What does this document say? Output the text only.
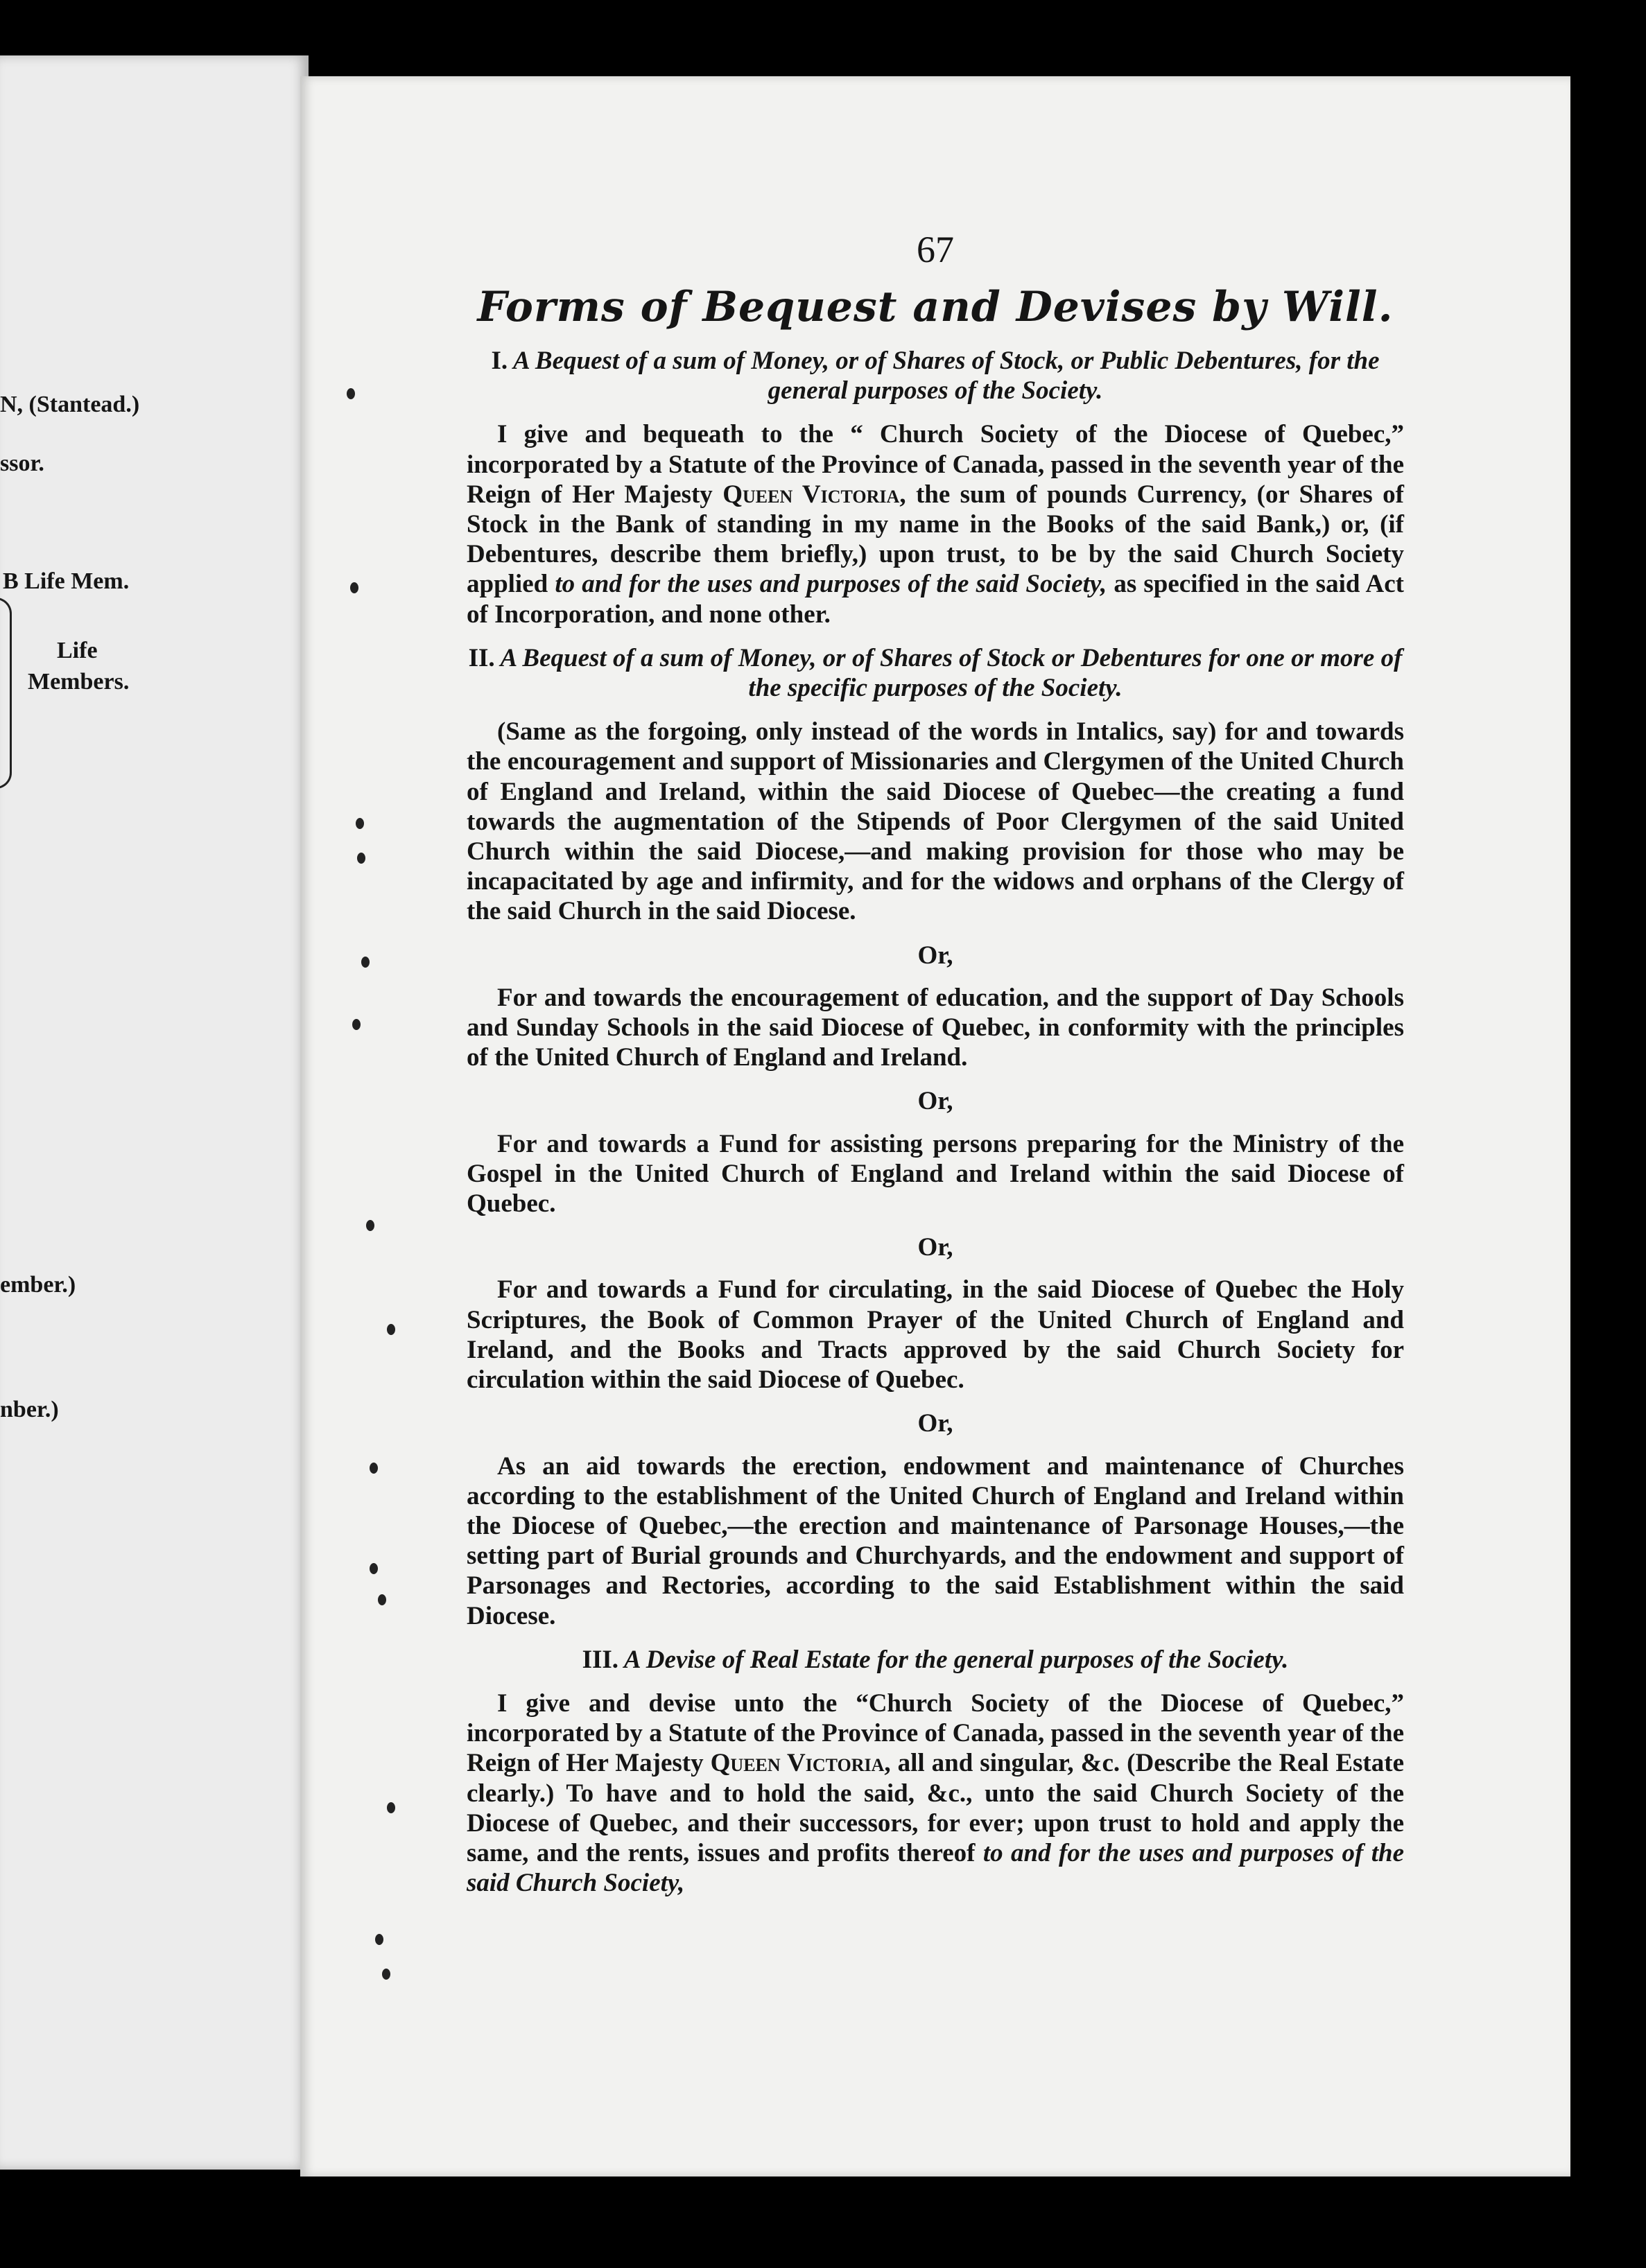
N, (Stantead.)
ssor.
B Life Mem.
Life
Members.
ember.)
nber.)
67
Forms of Bequest and Devises by Will.
I. A Bequest of a sum of Money, or of Shares of Stock, or Public Debentures, for the general purposes of the Society.

I give and bequeath to the “ Church Society of the Diocese of Quebec,” incorporated by a Statute of the Province of Canada, passed in the seventh year of the Reign of Her Majesty Queen Victoria, the sum of pounds Currency, (or Shares of Stock in the Bank of standing in my name in the Books of the said Bank,) or, (if Debentures, describe them briefly,) upon trust, to be by the said Church Society applied to and for the uses and purposes of the said Society, as specified in the said Act of Incorporation, and none other.

II. A Bequest of a sum of Money, or of Shares of Stock or Debentures for one or more of the specific purposes of the Society.

(Same as the forgoing, only instead of the words in Intalics, say) for and towards the encouragement and support of Missionaries and Clergymen of the United Church of England and Ireland, within the said Diocese of Quebec—the creating a fund towards the augmentation of the Stipends of Poor Clergymen of the said United Church within the said Diocese,—and making provision for those who may be incapacitated by age and infirmity, and for the widows and orphans of the Clergy of the said Church in the said Diocese.

Or,

For and towards the encouragement of education, and the support of Day Schools and Sunday Schools in the said Diocese of Quebec, in conformity with the principles of the United Church of England and Ireland.

Or,

For and towards a Fund for assisting persons preparing for the Ministry of the Gospel in the United Church of England and Ireland within the said Diocese of Quebec.

Or,

For and towards a Fund for circulating, in the said Diocese of Quebec the Holy Scriptures, the Book of Common Prayer of the United Church of England and Ireland, and the Books and Tracts approved by the said Church Society for circulation within the said Diocese of Quebec.

Or,

As an aid towards the erection, endowment and maintenance of Churches according to the establishment of the United Church of England and Ireland within the Diocese of Quebec,—the erection and maintenance of Parsonage Houses,—the setting part of Burial grounds and Churchyards, and the endowment and support of Parsonages and Rectories, according to the said Establishment within the said Diocese.

III. A Devise of Real Estate for the general purposes of the Society.

I give and devise unto the “Church Society of the Diocese of Quebec,” incorporated by a Statute of the Province of Canada, passed in the seventh year of the Reign of Her Majesty Queen Victoria, all and singular, &c. (Describe the Real Estate clearly.) To have and to hold the said, &c., unto the said Church Society of the Diocese of Quebec, and their successors, for ever; upon trust to hold and apply the same, and the rents, issues and profits thereof to and for the uses and purposes of the said Church Society,
